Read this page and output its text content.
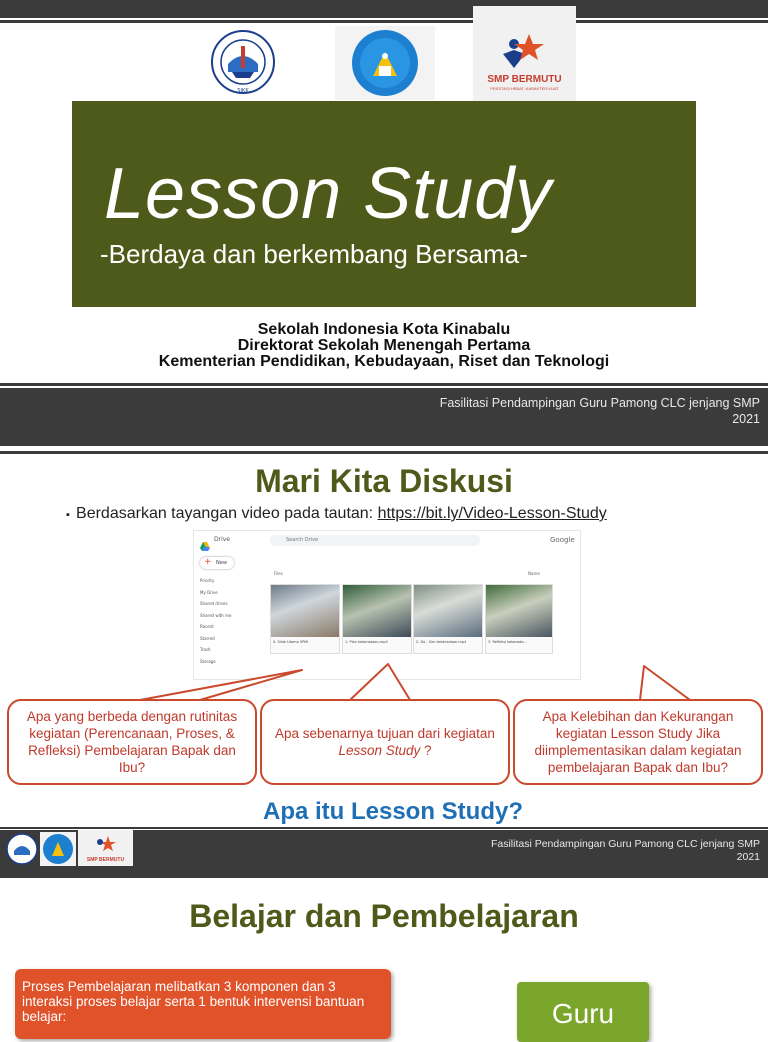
SIKK
SMP BERMUTU
PRESTASI HEBAT, KARAKTER KUAT
Lesson Study
-Berdaya dan berkembang Bersama-
Sekolah Indonesia Kota Kinabalu
Direktorat Sekolah Menengah Pertama
Kementerian Pendidikan, Kebudayaan, Riset dan Teknologi
Fasilitasi Pendampingan Guru Pamong CLC jenjang SMP
2021
Mari Kita Diskusi
▪  Berdasarkan tayangan video pada tautan: https://bit.ly/Video-Lesson-Study
Drive	Search Drive	Google
+ New
Priority
My Drive
Shared drives
Shared with me
Recent
Starred
Trash
Storage
Files	Name
0. Slide Utama SPMI	1. Plan keberadaan.mp4	2. Do - Sim keberadaan.mp4	3. Refleksi keberada...
Apa yang berbeda dengan rutinitas kegiatan (Perencanaan, Proses, & Refleksi) Pembelajaran Bapak dan Ibu?
Apa sebenarnya tujuan dari kegiatan Lesson Study ?
Apa Kelebihan dan Kekurangan kegiatan Lesson Study Jika diimplementasikan dalam kegiatan pembelajaran Bapak dan Ibu?
Apa itu Lesson Study?
SMP BERMUTU
Fasilitasi Pendampingan Guru Pamong CLC jenjang SMP
2021
Belajar dan Pembelajaran
Proses Pembelajaran melibatkan 3 komponen dan 3 interaksi proses belajar serta 1 bentuk intervensi bantuan belajar:	Guru
